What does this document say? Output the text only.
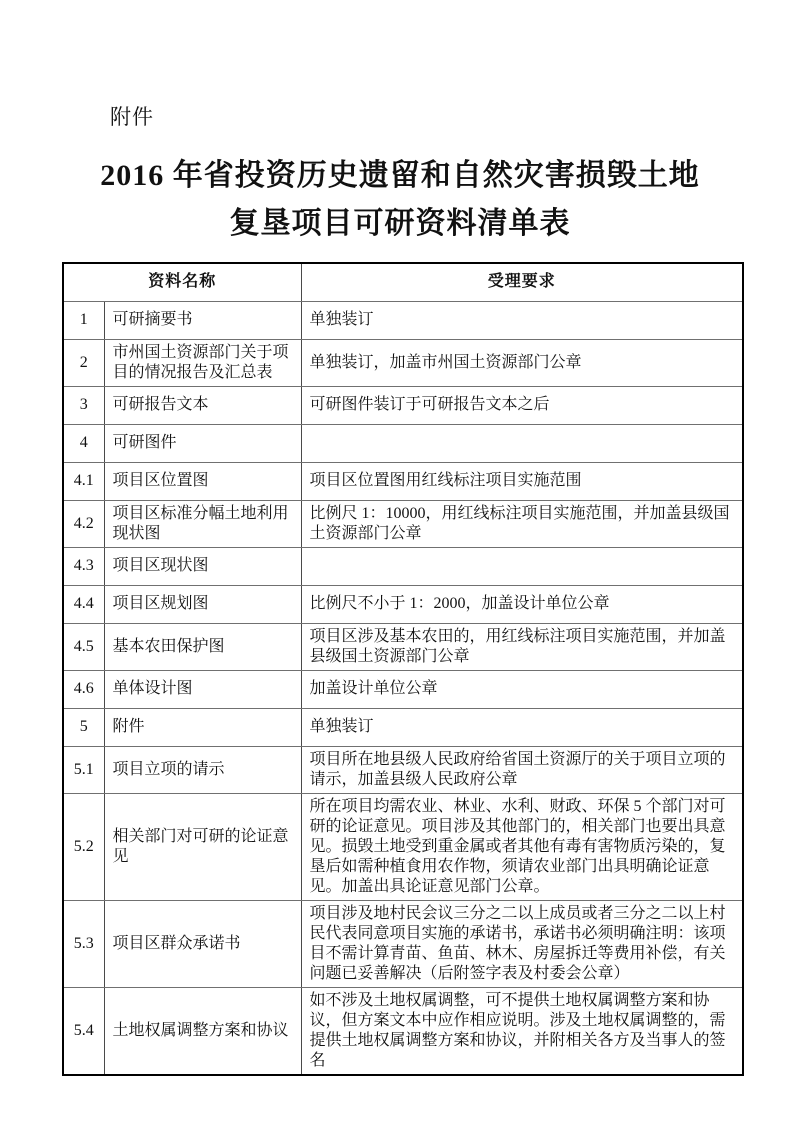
附件
2016 年省投资历史遗留和自然灾害损毁土地
复垦项目可研资料清单表
资料名称		受理要求
1	可研摘要书	单独装订
2	市州国土资源部门关于项目的情况报告及汇总表	单独装订，加盖市州国土资源部门公章
3	可研报告文本	可研图件装订于可研报告文本之后
4	可研图件	
4.1	项目区位置图	项目区位置图用红线标注项目实施范围
4.2	项目区标准分幅土地利用现状图	比例尺 1：10000，用红线标注项目实施范围，并加盖县级国土资源部门公章
4.3	项目区现状图	
4.4	项目区规划图	比例尺不小于 1：2000，加盖设计单位公章
4.5	基本农田保护图	项目区涉及基本农田的，用红线标注项目实施范围，并加盖县级国土资源部门公章
4.6	单体设计图	加盖设计单位公章
5	附件	单独装订
5.1	项目立项的请示	项目所在地县级人民政府给省国土资源厅的关于项目立项的请示，加盖县级人民政府公章
5.2	相关部门对可研的论证意见	所在项目均需农业、林业、水利、财政、环保 5 个部门对可研的论证意见。项目涉及其他部门的，相关部门也要出具意见。损毁土地受到重金属或者其他有毒有害物质污染的，复垦后如需种植食用农作物，须请农业部门出具明确论证意见。加盖出具论证意见部门公章。
5.3	项目区群众承诺书	项目涉及地村民会议三分之二以上成员或者三分之二以上村民代表同意项目实施的承诺书，承诺书必须明确注明：该项目不需计算青苗、鱼苗、林木、房屋拆迁等费用补偿，有关问题已妥善解决（后附签字表及村委会公章）
5.4	土地权属调整方案和协议	如不涉及土地权属调整，可不提供土地权属调整方案和协议，但方案文本中应作相应说明。涉及土地权属调整的，需提供土地权属调整方案和协议，并附相关各方及当事人的签名
